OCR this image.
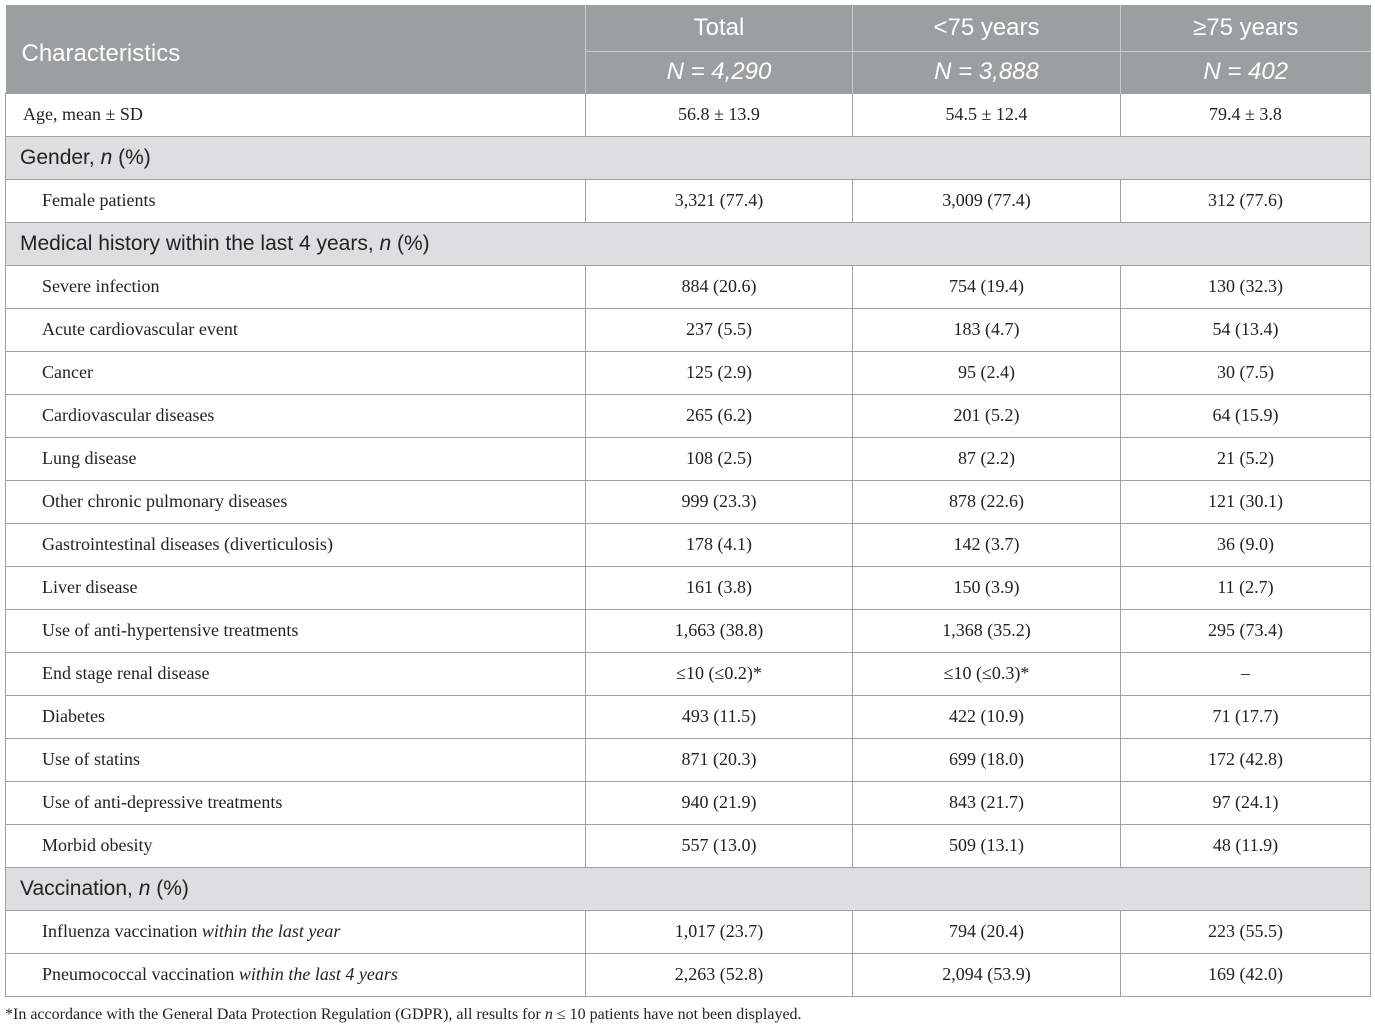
Characteristics	Total	<75 years	≥75 years
	N = 4,290	N = 3,888	N = 402
Age, mean ± SD	56.8 ± 13.9	54.5 ± 12.4	79.4 ± 3.8
Gender, n (%)			
Female patients	3,321 (77.4)	3,009 (77.4)	312 (77.6)
Medical history within the last 4 years, n (%)			
Severe infection	884 (20.6)	754 (19.4)	130 (32.3)
Acute cardiovascular event	237 (5.5)	183 (4.7)	54 (13.4)
Cancer	125 (2.9)	95 (2.4)	30 (7.5)
Cardiovascular diseases	265 (6.2)	201 (5.2)	64 (15.9)
Lung disease	108 (2.5)	87 (2.2)	21 (5.2)
Other chronic pulmonary diseases	999 (23.3)	878 (22.6)	121 (30.1)
Gastrointestinal diseases (diverticulosis)	178 (4.1)	142 (3.7)	36 (9.0)
Liver disease	161 (3.8)	150 (3.9)	11 (2.7)
Use of anti-hypertensive treatments	1,663 (38.8)	1,368 (35.2)	295 (73.4)
End stage renal disease	≤10 (≤0.2)*	≤10 (≤0.3)*	–
Diabetes	493 (11.5)	422 (10.9)	71 (17.7)
Use of statins	871 (20.3)	699 (18.0)	172 (42.8)
Use of anti-depressive treatments	940 (21.9)	843 (21.7)	97 (24.1)
Morbid obesity	557 (13.0)	509 (13.1)	48 (11.9)
Vaccination, n (%)			
Influenza vaccination within the last year	1,017 (23.7)	794 (20.4)	223 (55.5)
Pneumococcal vaccination within the last 4 years	2,263 (52.8)	2,094 (53.9)	169 (42.0)
*In accordance with the General Data Protection Regulation (GDPR), all results for n ≤ 10 patients have not been displayed.
